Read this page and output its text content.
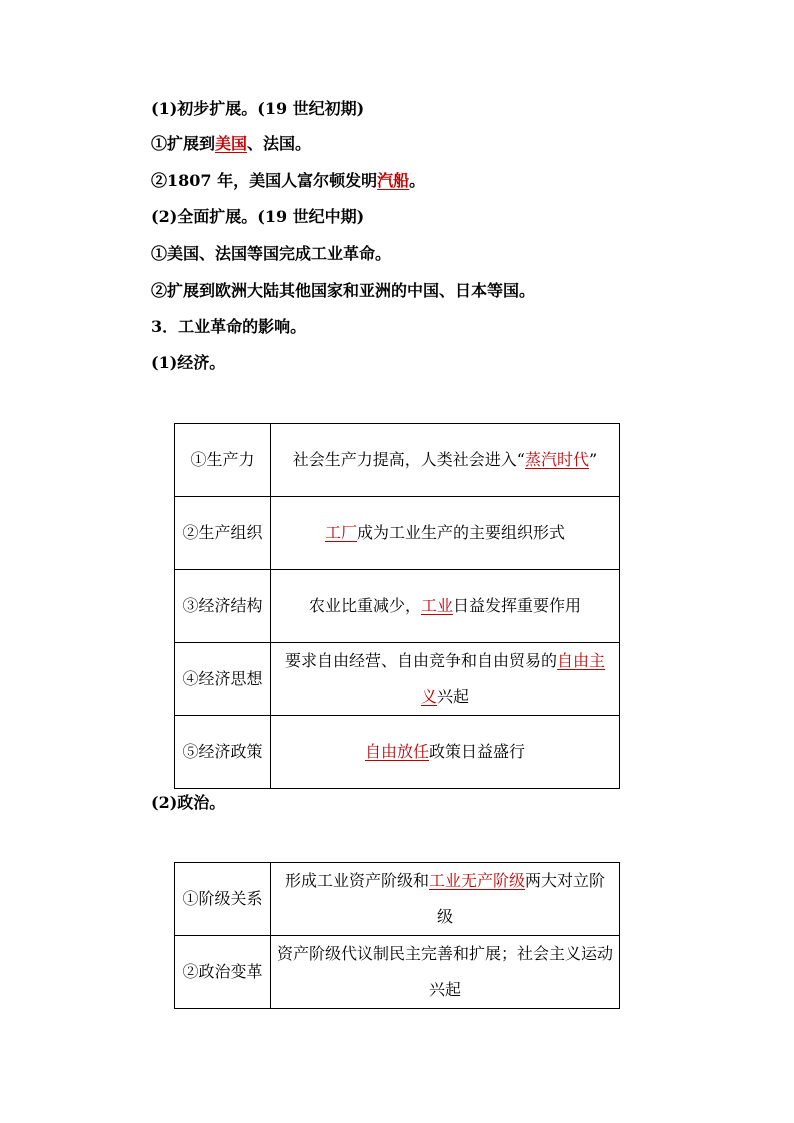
(1)初步扩展。(19 世纪初期)
①扩展到美国、法国。
②1807 年，美国人富尔顿发明汽船。
(2)全面扩展。(19 世纪中期)
①美国、法国等国完成工业革命。
②扩展到欧洲大陆其他国家和亚洲的中国、日本等国。
3．工业革命的影响。
(1)经济。
①生产力	社会生产力提高，人类社会进入“蒸汽时代”
②生产组织	工厂成为工业生产的主要组织形式
③经济结构	农业比重减少，工业日益发挥重要作用
④经济思想	要求自由经营、自由竞争和自由贸易的自由主义兴起
⑤经济政策	自由放任政策日益盛行
(2)政治。
①阶级关系	形成工业资产阶级和工业无产阶级两大对立阶级
②政治变革	资产阶级代议制民主完善和扩展；社会主义运动兴起
